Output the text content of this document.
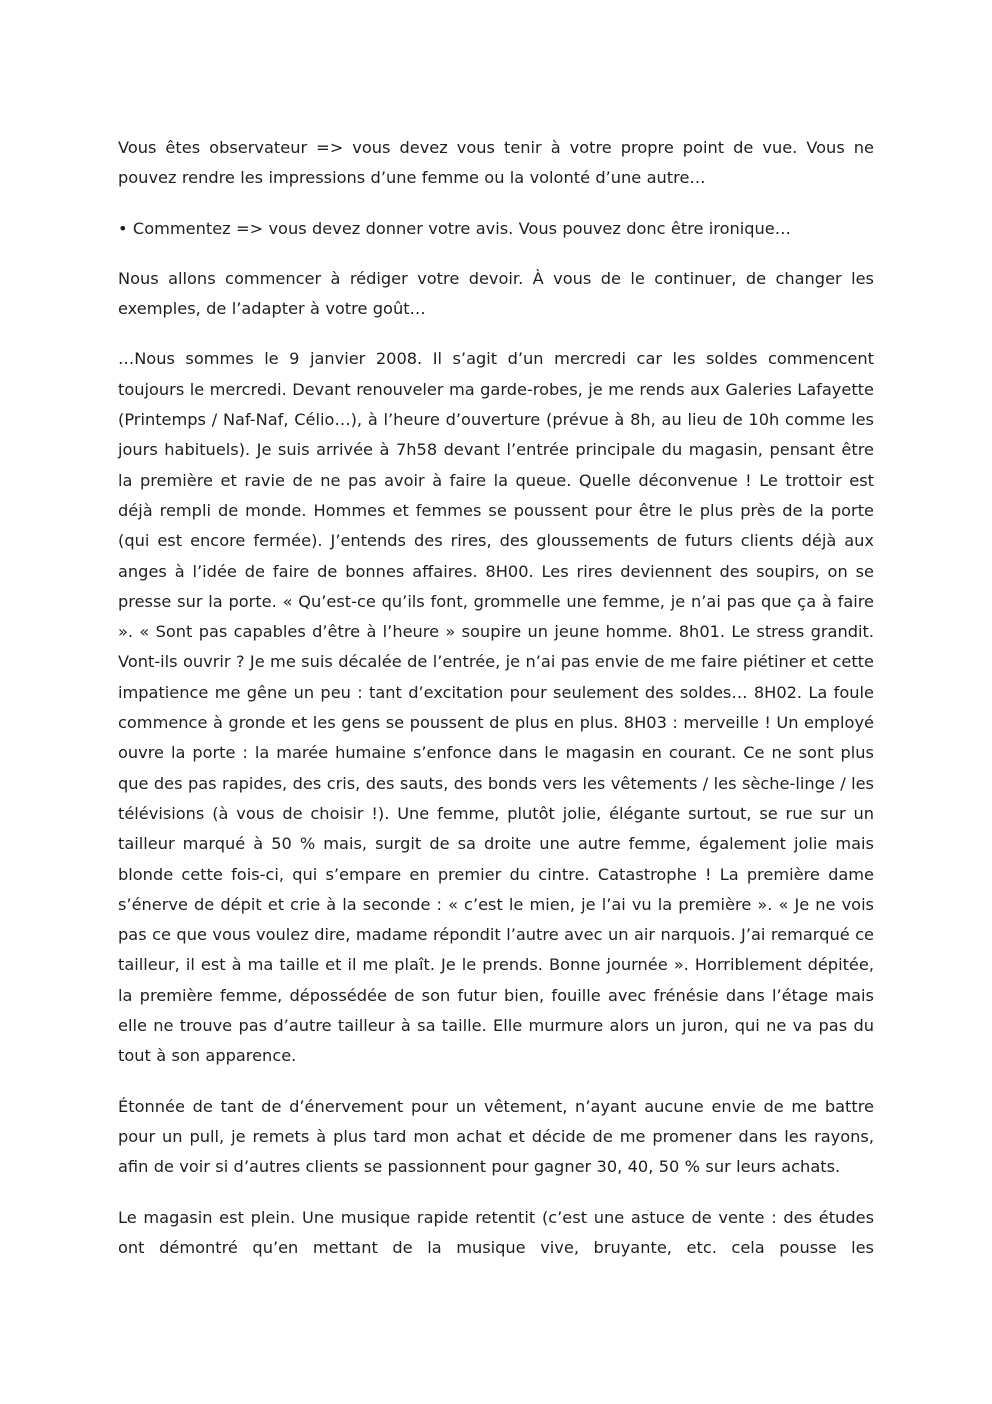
Vous êtes observateur => vous devez vous tenir à votre propre point de vue. Vous ne pouvez rendre les impressions d’une femme ou la volonté d’une autre…

• Commentez => vous devez donner votre avis. Vous pouvez donc être ironique…

Nous allons commencer à rédiger votre devoir. À vous de le continuer, de changer les exemples, de l’adapter à votre goût…

…Nous sommes le 9 janvier 2008. Il s’agit d’un mercredi car les soldes commencent toujours le mercredi. Devant renouveler ma garde-robes, je me rends aux Galeries Lafayette (Printemps / Naf-Naf, Célio…), à l’heure d’ouverture (prévue à 8h, au lieu de 10h comme les jours habituels). Je suis arrivée à 7h58 devant l’entrée principale du magasin, pensant être la première et ravie de ne pas avoir à faire la queue. Quelle déconvenue ! Le trottoir est déjà rempli de monde. Hommes et femmes se poussent pour être le plus près de la porte (qui est encore fermée). J’entends des rires, des gloussements de futurs clients déjà aux anges à l’idée de faire de bonnes affaires. 8H00. Les rires deviennent des soupirs, on se presse sur la porte. « Qu’est-ce qu’ils font, grommelle une femme, je n’ai pas que ça à faire ». « Sont pas capables d’être à l’heure » soupire un jeune homme. 8h01. Le stress grandit. Vont-ils ouvrir ? Je me suis décalée de l’entrée, je n’ai pas envie de me faire piétiner et cette impatience me gêne un peu : tant d’excitation pour seulement des soldes… 8H02. La foule commence à gronde et les gens se poussent de plus en plus. 8H03 : merveille ! Un employé ouvre la porte : la marée humaine s’enfonce dans le magasin en courant. Ce ne sont plus que des pas rapides, des cris, des sauts, des bonds vers les vêtements / les sèche-linge / les télévisions (à vous de choisir !). Une femme, plutôt jolie, élégante surtout, se rue sur un tailleur marqué à 50 % mais, surgit de sa droite une autre femme, également jolie mais blonde cette fois-ci, qui s’empare en premier du cintre. Catastrophe ! La première dame s’énerve de dépit et crie à la seconde : « c’est le mien, je l’ai vu la première ». « Je ne vois pas ce que vous voulez dire, madame répondit l’autre avec un air narquois. J’ai remarqué ce tailleur, il est à ma taille et il me plaît. Je le prends. Bonne journée ». Horriblement dépitée, la première femme, dépossédée de son futur bien, fouille avec frénésie dans l’étage mais elle ne trouve pas d’autre tailleur à sa taille. Elle murmure alors un juron, qui ne va pas du tout à son apparence.

Étonnée de tant de d’énervement pour un vêtement, n’ayant aucune envie de me battre pour un pull, je remets à plus tard mon achat et décide de me promener dans les rayons, afin de voir si d’autres clients se passionnent pour gagner 30, 40, 50 % sur leurs achats.

Le magasin est plein. Une musique rapide retentit (c’est une astuce de vente : des études ont démontré qu’en mettant de la musique vive, bruyante, etc. cela pousse les
